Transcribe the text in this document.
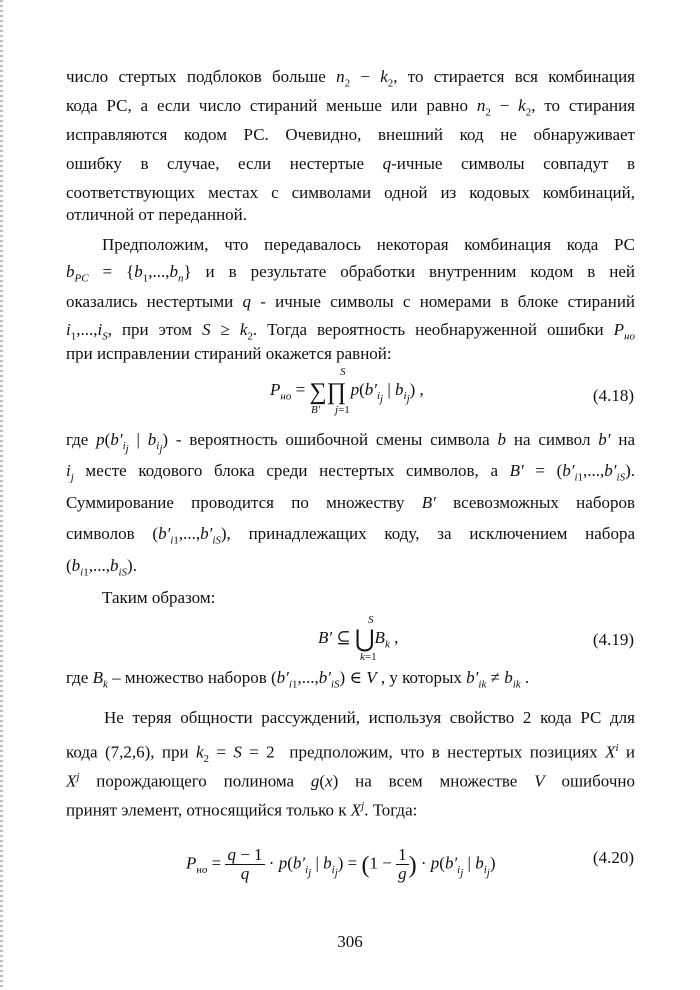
число стертых подблоков больше $n_2 - k_2$, то стирается вся комбинация
кода РС, а если число стираний меньше или равно $n_2 - k_2$, то стирания
исправляются кодом РС. Очевидно, внешний код не обнаруживает
ошибку в случае, если нестертые q-ичные символы совпадут в
соответствующих местах с символами одной из кодовых комбинаций,
отличной от переданной.
Предположим, что передавалось некоторая комбинация кода РС
$b_{PC} = \{b_1,...,b_n\}$ и в результате обработки внутренним кодом в ней
оказались нестертыми q - ичные символы с номерами в блоке стираний
$i_1,...,i_S$, при этом $S \ge k_2$. Тогда вероятность необнаруженной ошибки $P_{но}$
при исправлении стираний окажется равной:
$P_{но}$ = ∑∏ $p(b'_{i_j}$ | $b_{i_j}$) ,
S
B′ j=1
(4.18)
где $p(b'_{i_j}$ | $b_{i_j}$) - вероятность ошибочной смены символа b на символ b′ на
$i_j$ месте кодового блока среди нестертых символов, а $B' = (b'_{i1},...,b'_{iS})$.
Суммирование проводится по множеству B′ всевозможных наборов
символов $(b'_{i1},...,b'_{iS})$, принадлежащих коду, за исключением набора
$(b_{i1},...,b_{iS})$.
Таким образом:
B′ ⊆ $⋃B_k$ ,
S
k=1
(4.19)
где $B_k$ – множество наборов $(b'_{i1},...,b'_{iS})$ ∈ V , у которых $b'_{ik} \ne b_{ik}$ .
Не теряя общности рассуждений, используя свойство 2 кода РС для
кода (7,2,6), при $k_2 = S = 2$  предположим, что в нестертых позициях $X^i$ и
$X^j$ порождающего полинома g(x) на всем множестве V ошибочно
принят элемент, относящийся только к $X^j$. Тогда:
$P_{но} = \frac{q - 1}{q} \cdot p(b'_{i_j}$ | $b_{i_j}) = (1 - \frac{1}{g}$ ) · $p(b'_{i_j}$ | $b_{i_j}$)	(4.20)
306
